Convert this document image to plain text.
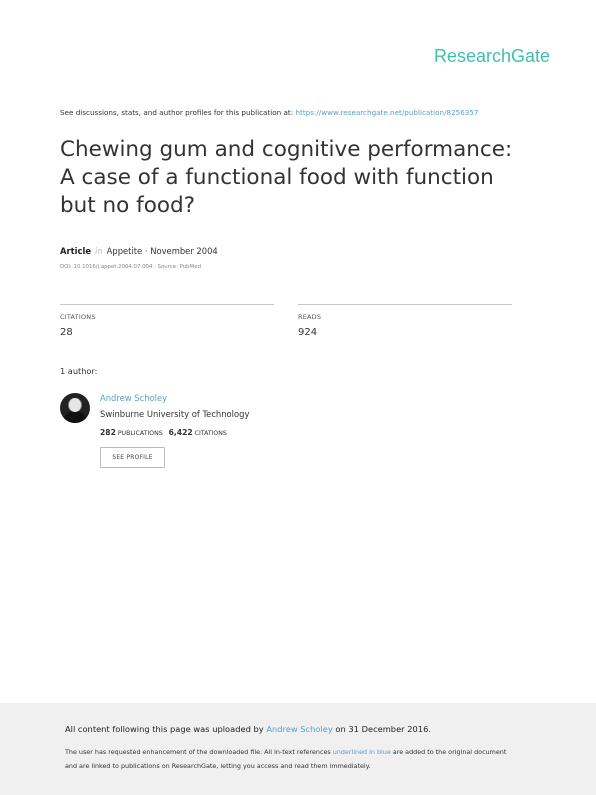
ResearchGate
See discussions, stats, and author profiles for this publication at: https://www.researchgate.net/publication/8256357
Chewing gum and cognitive performance: A case of a functional food with function but no food?
Article in Appetite · November 2004
DOI: 10.1016/j.appet.2004.07.004 · Source: PubMed
CITATIONS
28
READS
924
1 author:
Andrew Scholey
Swinburne University of Technology
282 PUBLICATIONS 6,422 CITATIONS
SEE PROFILE
All content following this page was uploaded by Andrew Scholey on 31 December 2016.
The user has requested enhancement of the downloaded file. All in-text references underlined in blue are added to the original document
and are linked to publications on ResearchGate, letting you access and read them immediately.
